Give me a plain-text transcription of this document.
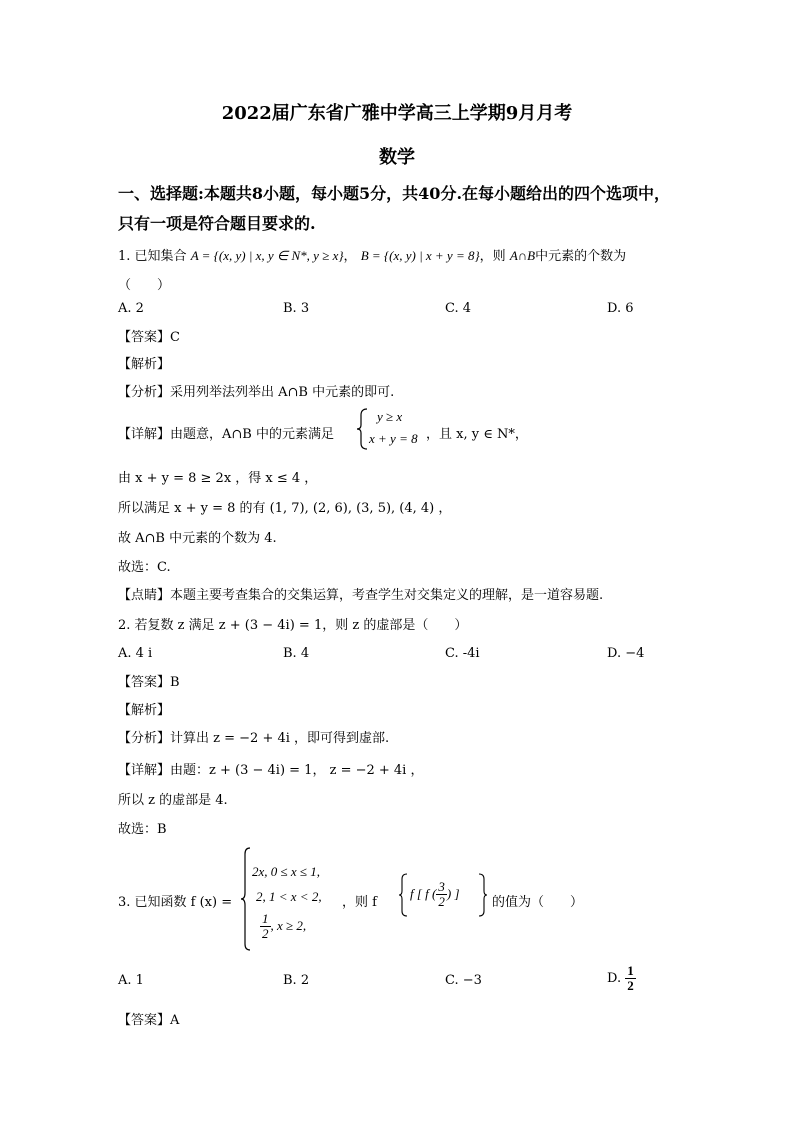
2022届广东省广雅中学高三上学期9月月考
数学
一、选择题:本题共8小题，每小题5分，共40分.在每小题给出的四个选项中，
只有一项是符合题目要求的.
1. 已知集合 A = {(x, y) | x, y ∈ N*, y ≥ x}， B = {(x, y) | x + y = 8}，则 A∩B中元素的个数为
（　　）
A. 2	B. 3	C. 4	D. 6
【答案】C
【解析】
【分析】采用列举法列举出 A∩B 中元素的即可.
【详解】由题意，A∩B 中的元素满足
y ≥ x
x + y = 8 ，且 x, y ∈ N*，
由 x + y = 8 ≥ 2x ，得 x ≤ 4 ，
所以满足 x + y = 8 的有 (1, 7), (2, 6), (3, 5), (4, 4) ，
故 A∩B 中元素的个数为 4.
故选：C.
【点睛】本题主要考查集合的交集运算，考查学生对交集定义的理解，是一道容易题.
2. 若复数 z 满足 z + (3 − 4i) = 1，则 z 的虚部是（　　）
A. 4 i	B. 4	C. -4i	D. −4
【答案】B
【解析】
【分析】计算出 z = −2 + 4i ，即可得到虚部.
【详解】由题：z + (3 − 4i) = 1， z = −2 + 4i ，
所以 z 的虚部是 4.
故选：B
3. 已知函数 f (x) =
2x, 0 ≤ x ≤ 1,
2, 1 < x < 2,
$\frac{1}{2}$ , x ≥ 2,
，则 f
f [ f ( $\frac{3}{2}$ ) ]
的值为（　　）
A. 1	B. 2	C. −3	D. $\frac{1}{2}$
【答案】A
